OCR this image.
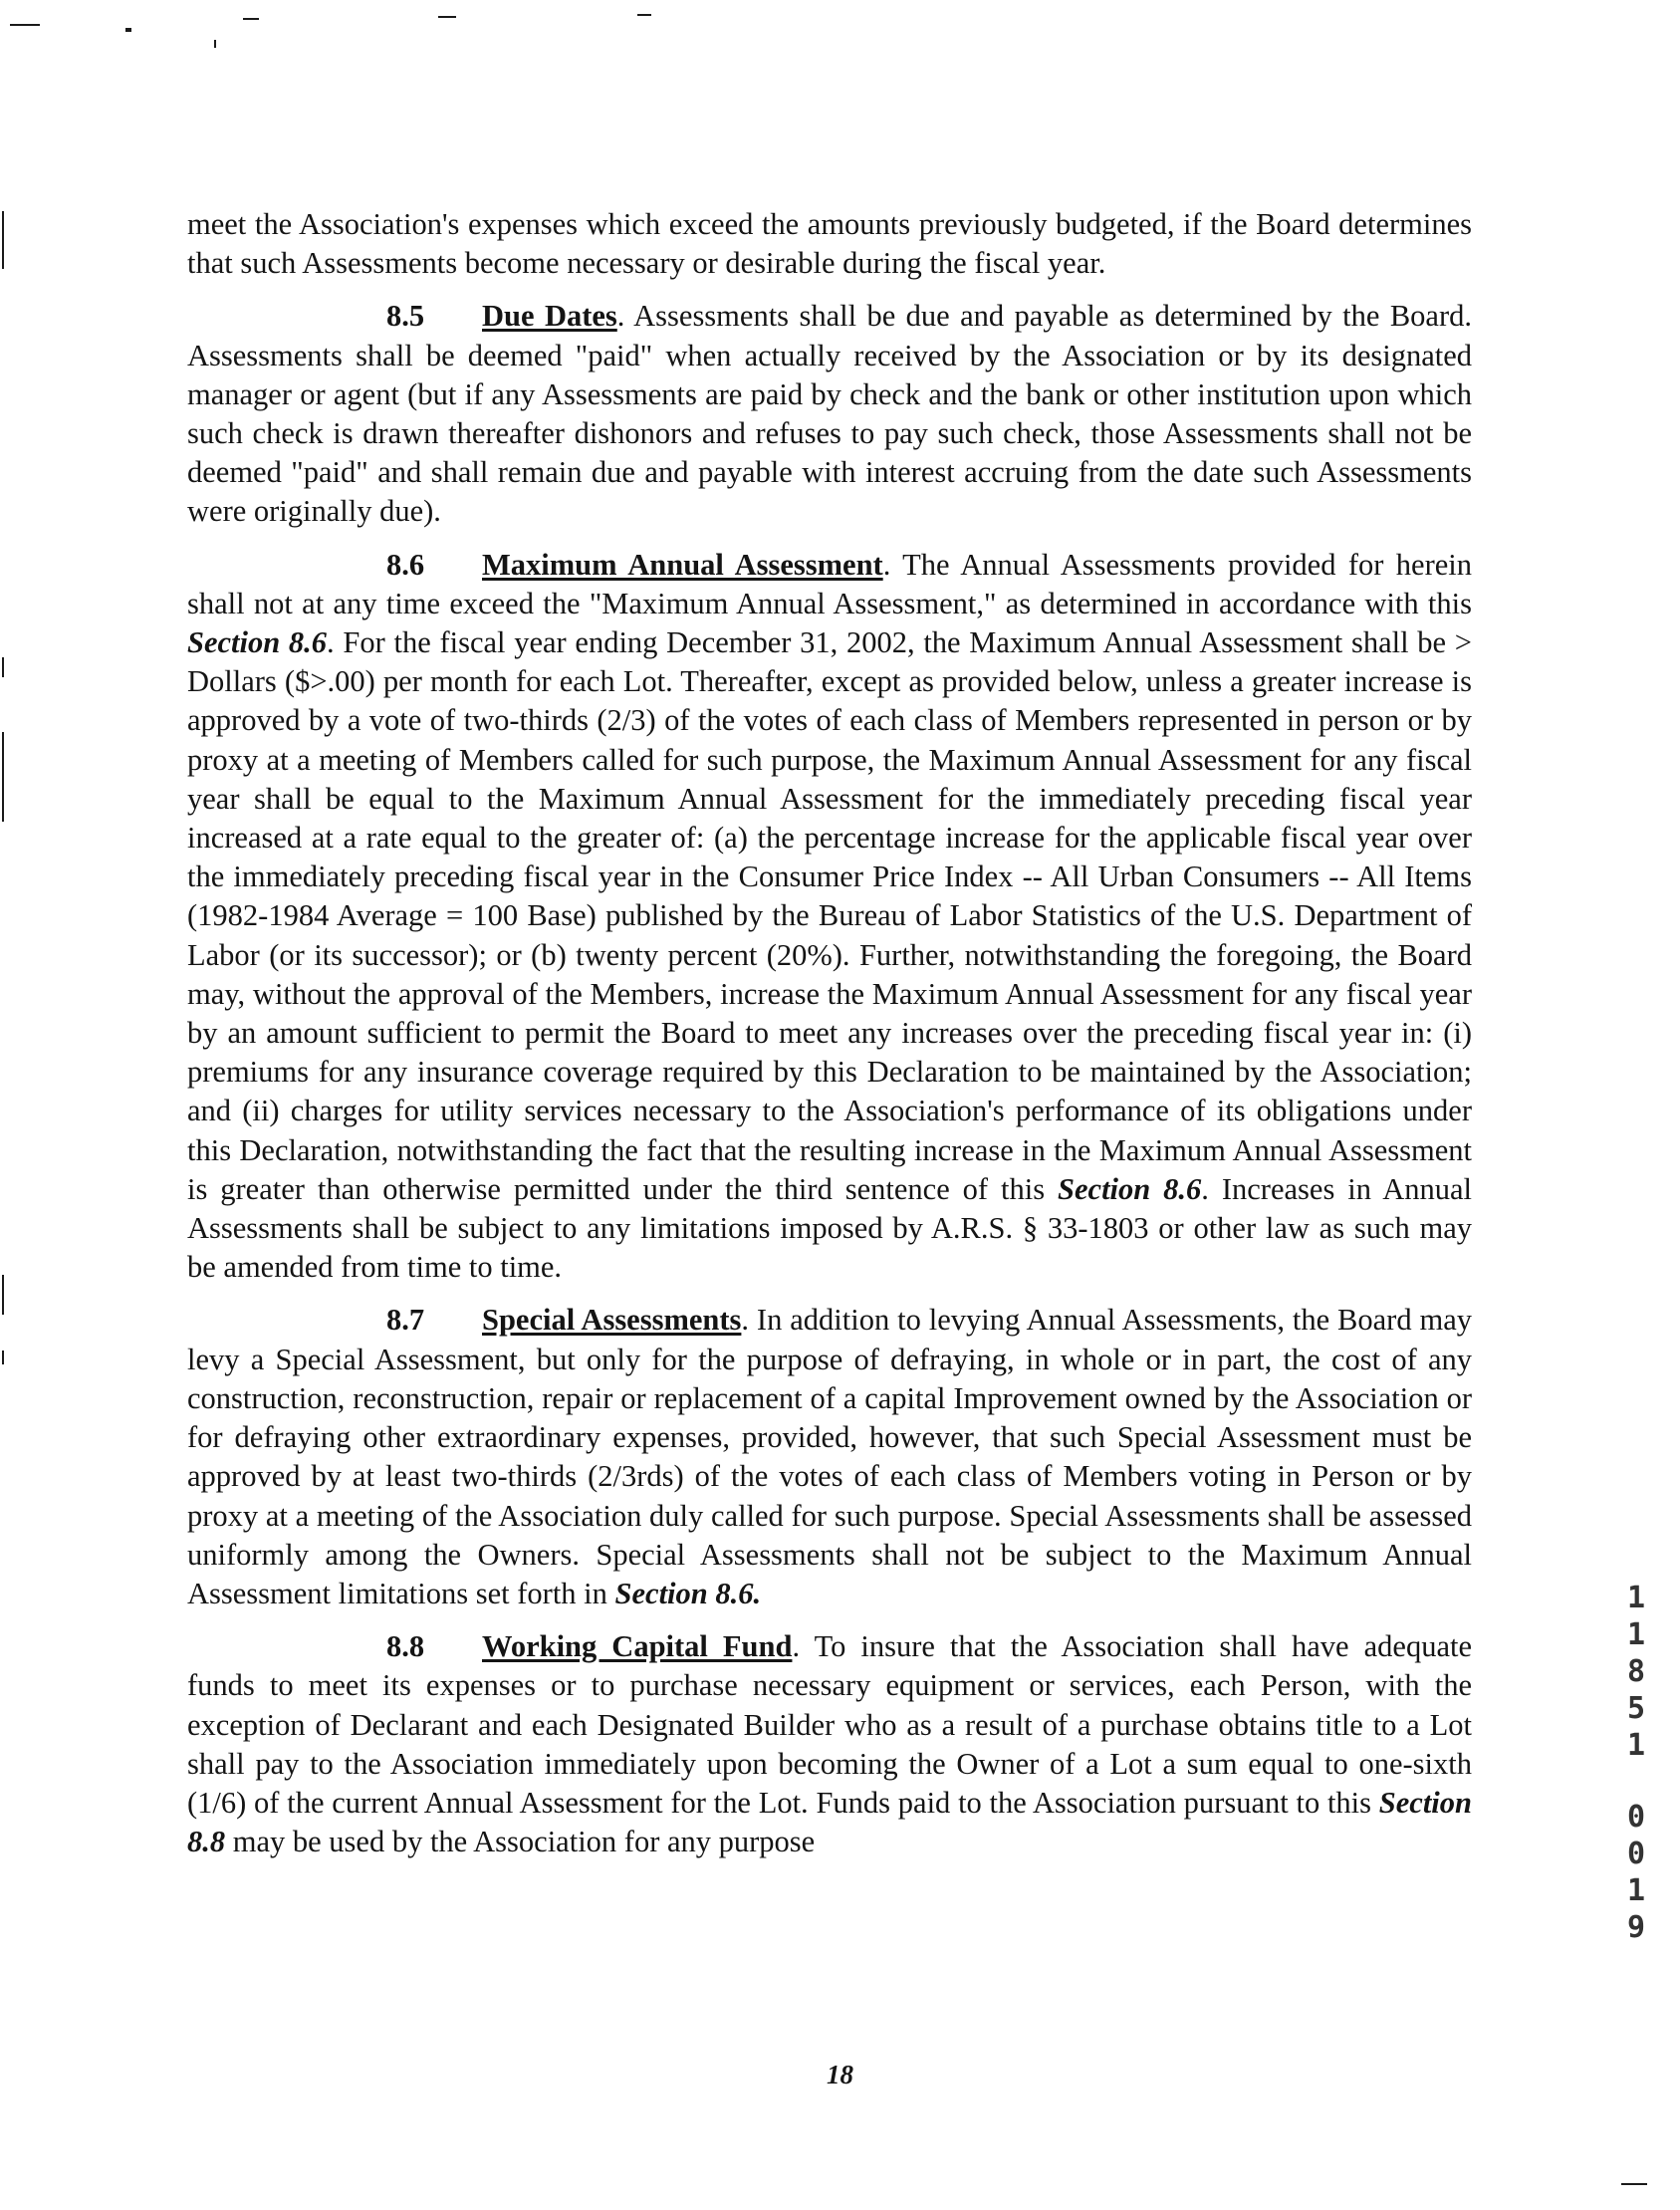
meet the Association's expenses which exceed the amounts previously budgeted, if the Board determines that such Assessments become necessary or desirable during the fiscal year.

8.5 Due Dates. Assessments shall be due and payable as determined by the Board. Assessments shall be deemed "paid" when actually received by the Association or by its designated manager or agent (but if any Assessments are paid by check and the bank or other institution upon which such check is drawn thereafter dishonors and refuses to pay such check, those Assessments shall not be deemed "paid" and shall remain due and payable with interest accruing from the date such Assessments were originally due).

8.6 Maximum Annual Assessment. The Annual Assessments provided for herein shall not at any time exceed the "Maximum Annual Assessment," as determined in accordance with this Section 8.6. For the fiscal year ending December 31, 2002, the Maximum Annual Assessment shall be > Dollars ($>.00) per month for each Lot. Thereafter, except as provided below, unless a greater increase is approved by a vote of two-thirds (2/3) of the votes of each class of Members represented in person or by proxy at a meeting of Members called for such purpose, the Maximum Annual Assessment for any fiscal year shall be equal to the Maximum Annual Assessment for the immediately preceding fiscal year increased at a rate equal to the greater of: (a) the percentage increase for the applicable fiscal year over the immediately preceding fiscal year in the Consumer Price Index -- All Urban Consumers -- All Items (1982-1984 Average = 100 Base) published by the Bureau of Labor Statistics of the U.S. Department of Labor (or its successor); or (b) twenty percent (20%). Further, notwithstanding the foregoing, the Board may, without the approval of the Members, increase the Maximum Annual Assessment for any fiscal year by an amount sufficient to permit the Board to meet any increases over the preceding fiscal year in: (i) premiums for any insurance coverage required by this Declaration to be maintained by the Association; and (ii) charges for utility services necessary to the Association's performance of its obligations under this Declaration, notwithstanding the fact that the resulting increase in the Maximum Annual Assessment is greater than otherwise permitted under the third sentence of this Section 8.6. Increases in Annual Assessments shall be subject to any limitations imposed by A.R.S. § 33-1803 or other law as such may be amended from time to time.

8.7 Special Assessments. In addition to levying Annual Assessments, the Board may levy a Special Assessment, but only for the purpose of defraying, in whole or in part, the cost of any construction, reconstruction, repair or replacement of a capital Improvement owned by the Association or for defraying other extraordinary expenses, provided, however, that such Special Assessment must be approved by at least two-thirds (2/3rds) of the votes of each class of Members voting in Person or by proxy at a meeting of the Association duly called for such purpose. Special Assessments shall be assessed uniformly among the Owners. Special Assessments shall not be subject to the Maximum Annual Assessment limitations set forth in Section 8.6.

8.8 Working Capital Fund. To insure that the Association shall have adequate funds to meet its expenses or to purchase necessary equipment or services, each Person, with the exception of Declarant and each Designated Builder who as a result of a purchase obtains title to a Lot shall pay to the Association immediately upon becoming the Owner of a Lot a sum equal to one-sixth (1/6) of the current Annual Assessment for the Lot. Funds paid to the Association pursuant to this Section 8.8 may be used by the Association for any purpose

1
1
8
5
1
0
0
1
9
18
